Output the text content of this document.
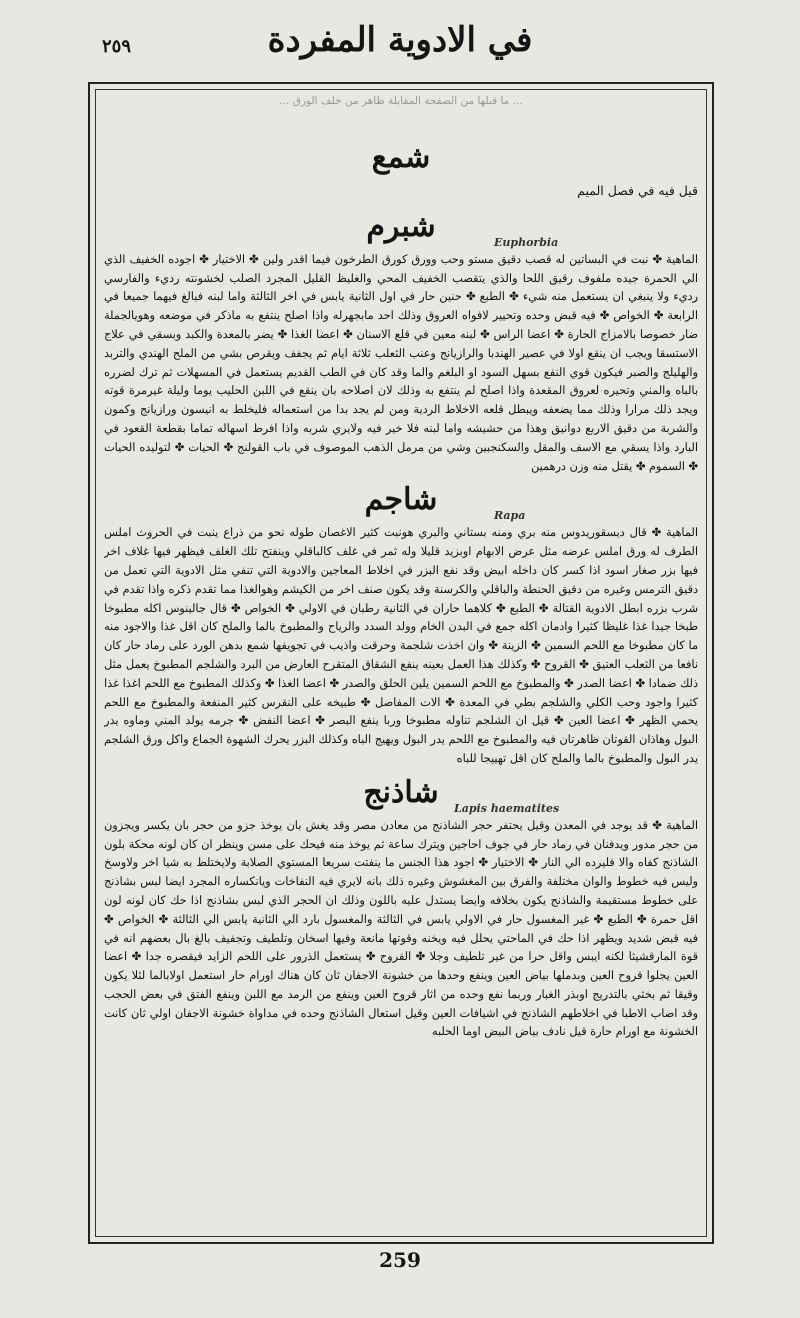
٢٥٩	في الادوية المفردة
... ما قبلها من الصفحة المقابلة ظاهر من خلف الورق ...
شمع
قيل فيه في فصل الميم
شبرم	Euphorbia

الماهية ✤ نبت في البساتين له قصب دقيق مستو وحب وورق كورق الطرخون فيما اقدر ولين ✤ الاختيار ✤ اجوده الخفيف الذي الي الحمرة جيده ملفوف رقيق اللحا والذي يتقصب الخفيف المحي والغليظ القليل المجرد الصلب لخشونته رديء والفارسي رديء ولا ينبغي ان يستعمل منه شيء ✤ الطبع ✤ حنين حار في اول الثانية يابس في اخر الثالثة واما لبنه فبالغ فيهما جميعا في الرابعة ✤ الخواص ✤ فيه قبض وحده وتحيير لافواه العروق وذلك احد مابجهرله واذا اصلح ينتفع به ماذكر في موضعه وهويالجملة ضار خصوصا بالامزاج الحارة ✤ اعضا الراس ✤ لبنه معين في قلع الاسنان ✤ اعضا الغذا ✤ يضر بالمعدة والكبد وبسقي في علاج الاستسقا ويجب ان ينقع اولا في عصير الهندبا والرازيانج وعنب الثعلب ثلاثة ايام ثم يجفف ويقرص بشي من الملح الهندي والتربد والهليلج والصبر فيكون قوي النفع بسهل السود او البلغم والما وقد كان في الطب القديم يستعمل في المسهلات ثم ترك لضرره بالباه والمني وتحيره لعروق المقعدة واذا اصلح لم ينتفع به وذلك لان اصلاحه بان ينقع في اللبن الحليب يوما وليلة غيرمرة قوته ويجد ذلك مرارا وذلك مما يضعفه ويبطل قلعه الاخلاط الردية ومن لم يجد بدا من استعماله فليخلط به انيسون ورازيانج وكمون والشربة من دقيق الاربع دوانيق وهذا من حشيشه واما لبنه فلا خير فيه ولايري شربه واذا افرط اسهاله تماما بقطعة القعود في البارد واذا يسقي مع الاسف والمقل والسكنجبين وشي من مرمل الذهب الموصوف في باب القولنج ✤ الحيات ✤ لتوليده الحيات ✤ السموم ✤ يقتل منه وزن درهمين

شاجم	Rapa

الماهية ✤ قال ديسقوريدوس منه بري ومنه بستاني والبري هونبت كثير الاغصان طوله نحو من ذراع ينبت في الحروث املس الطرف له ورق املس عرضه مثل عرض الابهام اوبزيد قليلا وله ثمر في غلف كالباقلي وينفتح تلك الغلف فيظهر فيها غلاف اخر فيها بزر صغار اسود اذا كسر كان داخله ابيض وقد نفع البزر في اخلاط المعاجين والادوية التي تنفي مثل الادوية التي تعمل من دقيق الترمس وغيره من دقيق الحنطة والباقلي والكرسنة وقد يكون صنف اخر من الكيشم وهوالغذا مما تقدم ذكره واذا تقدم في شرب بزره ابطل الادوية القتالة ✤ الطبع ✤ كلاهما حاران في الثانية رطبان في الاولي ✤ الخواص ✤ قال جالينوس اكله مطبوخا طبخا جيدا غذا غليظا كثيرا وادمان اكله جمع في البدن الخام وولد السدد والرياح والمطبوخ بالما والملح كان اقل غذا والاجود منه ما كان مطبوخا مع اللحم السمين ✤ الزينة ✤ وان اخذت شلجمة وحرقت واذيب في تجويفها شمع بدهن الورد على رماد حار كان نافعا من الثعلب العتيق ✤ القروح ✤ وكذلك هذا العمل بعينه ينفع الشقاق المتقرح العارض من البرد والشلجم المطبوخ يعمل مثل ذلك ضمادا ✤ اعضا الصدر ✤ والمطبوخ مع اللحم السمين يلين الحلق والصدر ✤ اعضا الغذا ✤ وكذلك المطبوخ مع اللحم اغذا غذا كثيرا واجود وحب الكلي والشلجم بطي في المعدة ✤ الات المفاصل ✤ طبيخه على النقرس كثير المنفعة والمطبوخ مع اللحم يحمي الظهر ✤ اعضا العين ✤ قيل ان الشلجم تناوله مطبوخا وربا ينفع البصر ✤ اعضا النفض ✤ جرمه يولد المني وماوه يدر البول وهاذان القوتان ظاهرتان فيه والمطبوخ مع اللحم يدر البول ويهيج الباه وكذلك البزر يحرك الشهوة الجماع واكل ورق الشلجم يدر البول والمطبوخ بالما والملح كان اقل تهييجا للباه

شاذنج Lapis haematites

الماهية ✤ قد يوجد في المعدن وقيل يحتفر حجر الشاذنج من معادن مصر وقد يغش بان يوخذ جزو من حجر بان يكسر ويجزون من حجر مدور ويدفنان في رماد حار في جوف احاجين ويترك ساعة ثم يوخذ منه فيحك على مسن وينظر ان كان لونه محكة بلون الشاذنج كفاه والا فليرده الي النار ✤ الاختيار ✤ اجود هذا الجنس ما ينفتت سريعا المستوي الصلابة ولايختلط به شيا اخر ولاوسخ وليس فيه خطوط والوان مختلفة والفرق بين المغشوش وغيره ذلك بانه لايري فيه النفاخات ويانكساره المجرد ايضا لبس بشاذنج على خطوط مستقيمة والشاذنج يكون بخلافه وايضا يستدل عليه باللون وذلك ان الحجر الذي لبس بشاذنج اذا حك كان لونه لون اقل حمرة ✤ الطبع ✤ غير المغسول حار في الاولي يابس في الثالثة والمغسول بارد الي الثانية يابس الي الثالثة ✤ الخواص ✤ فيه قبض شديد ويظهر اذا حك في الماحتي يحلل فيه ويخنه وقوتها مانعة وفيها اسخان وتلطيف وتجفيف بالغ بال بعضهم انه في قوة المارقشيثا لكنه ايبس واقل حرا من غير تلطيف وجلا ✤ القروح ✤ يستعمل الذرور على اللحم الزايد فيقصره جدا ✤ اعضا العين يجلوا قروح العين وبدملها بياض العين وينفع وحدها من خشونة الاجفان ثان كان هناك اورام حار استعمل اولابالما لئلا يكون وقيقا ثم بخثي بالتدريج اوبذر الغبار وربما نفع وحده من اثار قروح العين وينفع من الرمد مع اللبن وينفع الفتق في بعض الحجب وقد اصاب الاطبا في اخلاطهم الشاذنج في اشيافات العين وقيل استعال الشاذنج وحده في مداواة خشونة الاجفان اولي ثان كانت الخشونة مع اورام حارة قيل نادف بياض البيض اوما الحلبه

259
